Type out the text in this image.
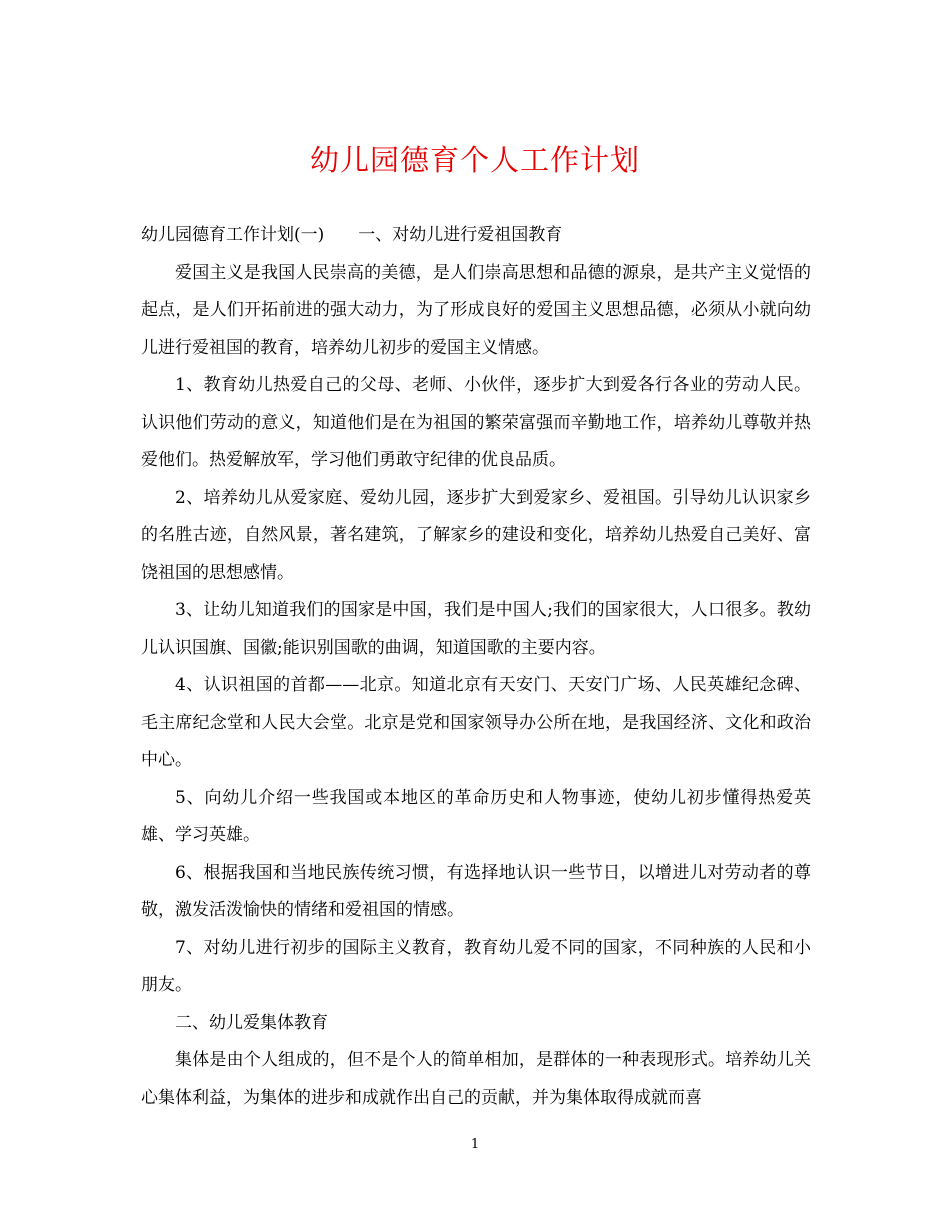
幼儿园德育个人工作计划

幼儿园德育工作计划(一)　　一、对幼儿进行爱祖国教育

爱国主义是我国人民崇高的美德，是人们崇高思想和品德的源泉，是共产主义觉悟的起点，是人们开拓前进的强大动力，为了形成良好的爱国主义思想品德，必须从小就向幼儿进行爱祖国的教育，培养幼儿初步的爱国主义情感。

1、教育幼儿热爱自己的父母、老师、小伙伴，逐步扩大到爱各行各业的劳动人民。认识他们劳动的意义，知道他们是在为祖国的繁荣富强而辛勤地工作，培养幼儿尊敬并热爱他们。热爱解放军，学习他们勇敢守纪律的优良品质。

2、培养幼儿从爱家庭、爱幼儿园，逐步扩大到爱家乡、爱祖国。引导幼儿认识家乡的名胜古迹，自然风景，著名建筑，了解家乡的建设和变化，培养幼儿热爱自己美好、富饶祖国的思想感情。

3、让幼儿知道我们的国家是中国，我们是中国人;我们的国家很大，人口很多。教幼儿认识国旗、国徽;能识别国歌的曲调，知道国歌的主要内容。

4、认识祖国的首都——北京。知道北京有天安门、天安门广场、人民英雄纪念碑、毛主席纪念堂和人民大会堂。北京是党和国家领导办公所在地，是我国经济、文化和政治中心。

5、向幼儿介绍一些我国或本地区的革命历史和人物事迹，使幼儿初步懂得热爱英雄、学习英雄。

6、根据我国和当地民族传统习惯，有选择地认识一些节日，以增进儿对劳动者的尊敬，激发活泼愉快的情绪和爱祖国的情感。

7、对幼儿进行初步的国际主义教育，教育幼儿爱不同的国家，不同种族的人民和小朋友。

二、幼儿爱集体教育

集体是由个人组成的，但不是个人的简单相加，是群体的一种表现形式。培养幼儿关心集体利益，为集体的进步和成就作出自己的贡献，并为集体取得成就而喜

1
